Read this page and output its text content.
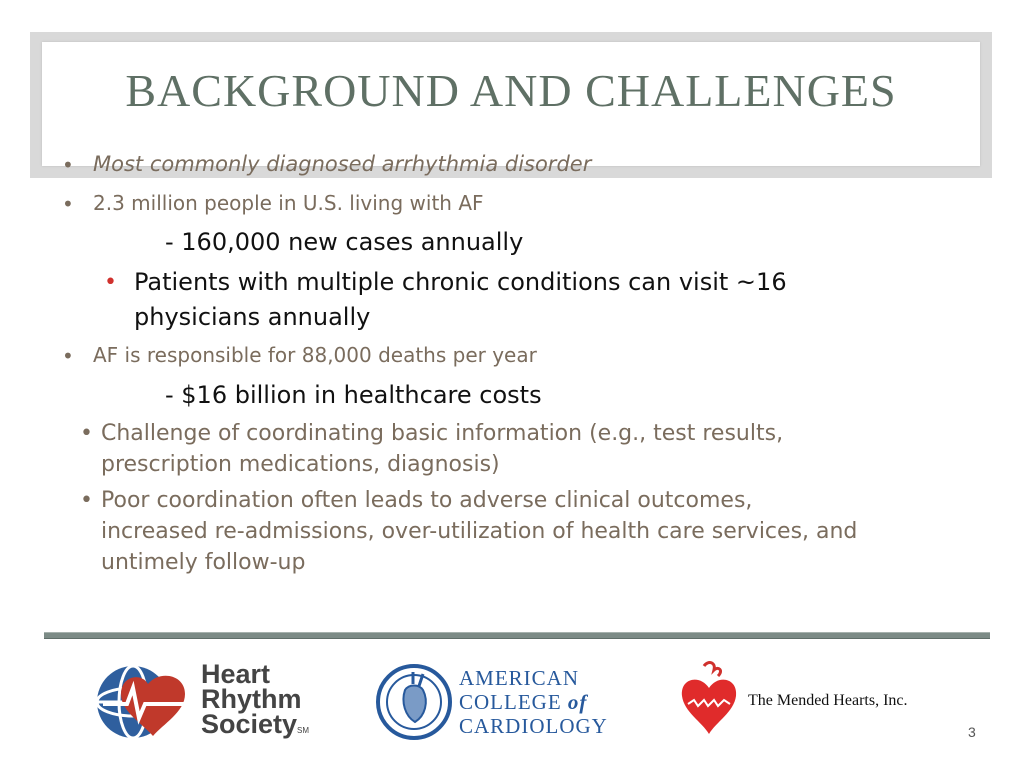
BACKGROUND AND CHALLENGES
• Most commonly diagnosed arrhythmia disorder
• 2.3 million people in U.S. living with AF
- 160,000 new cases annually
• Patients with multiple chronic conditions can visit ~16
physicians annually
• AF is responsible for 88,000 deaths per year
- $16 billion in healthcare costs
• Challenge of coordinating basic information (e.g., test results,
prescription medications, diagnosis)
• Poor coordination often leads to adverse clinical outcomes,
increased re-admissions, over-utilization of health care services, and
untimely follow-up
Heart
Rhythm
SocietySM
AMERICAN
COLLEGE of
CARDIOLOGY
The Mended Hearts, Inc.
3
